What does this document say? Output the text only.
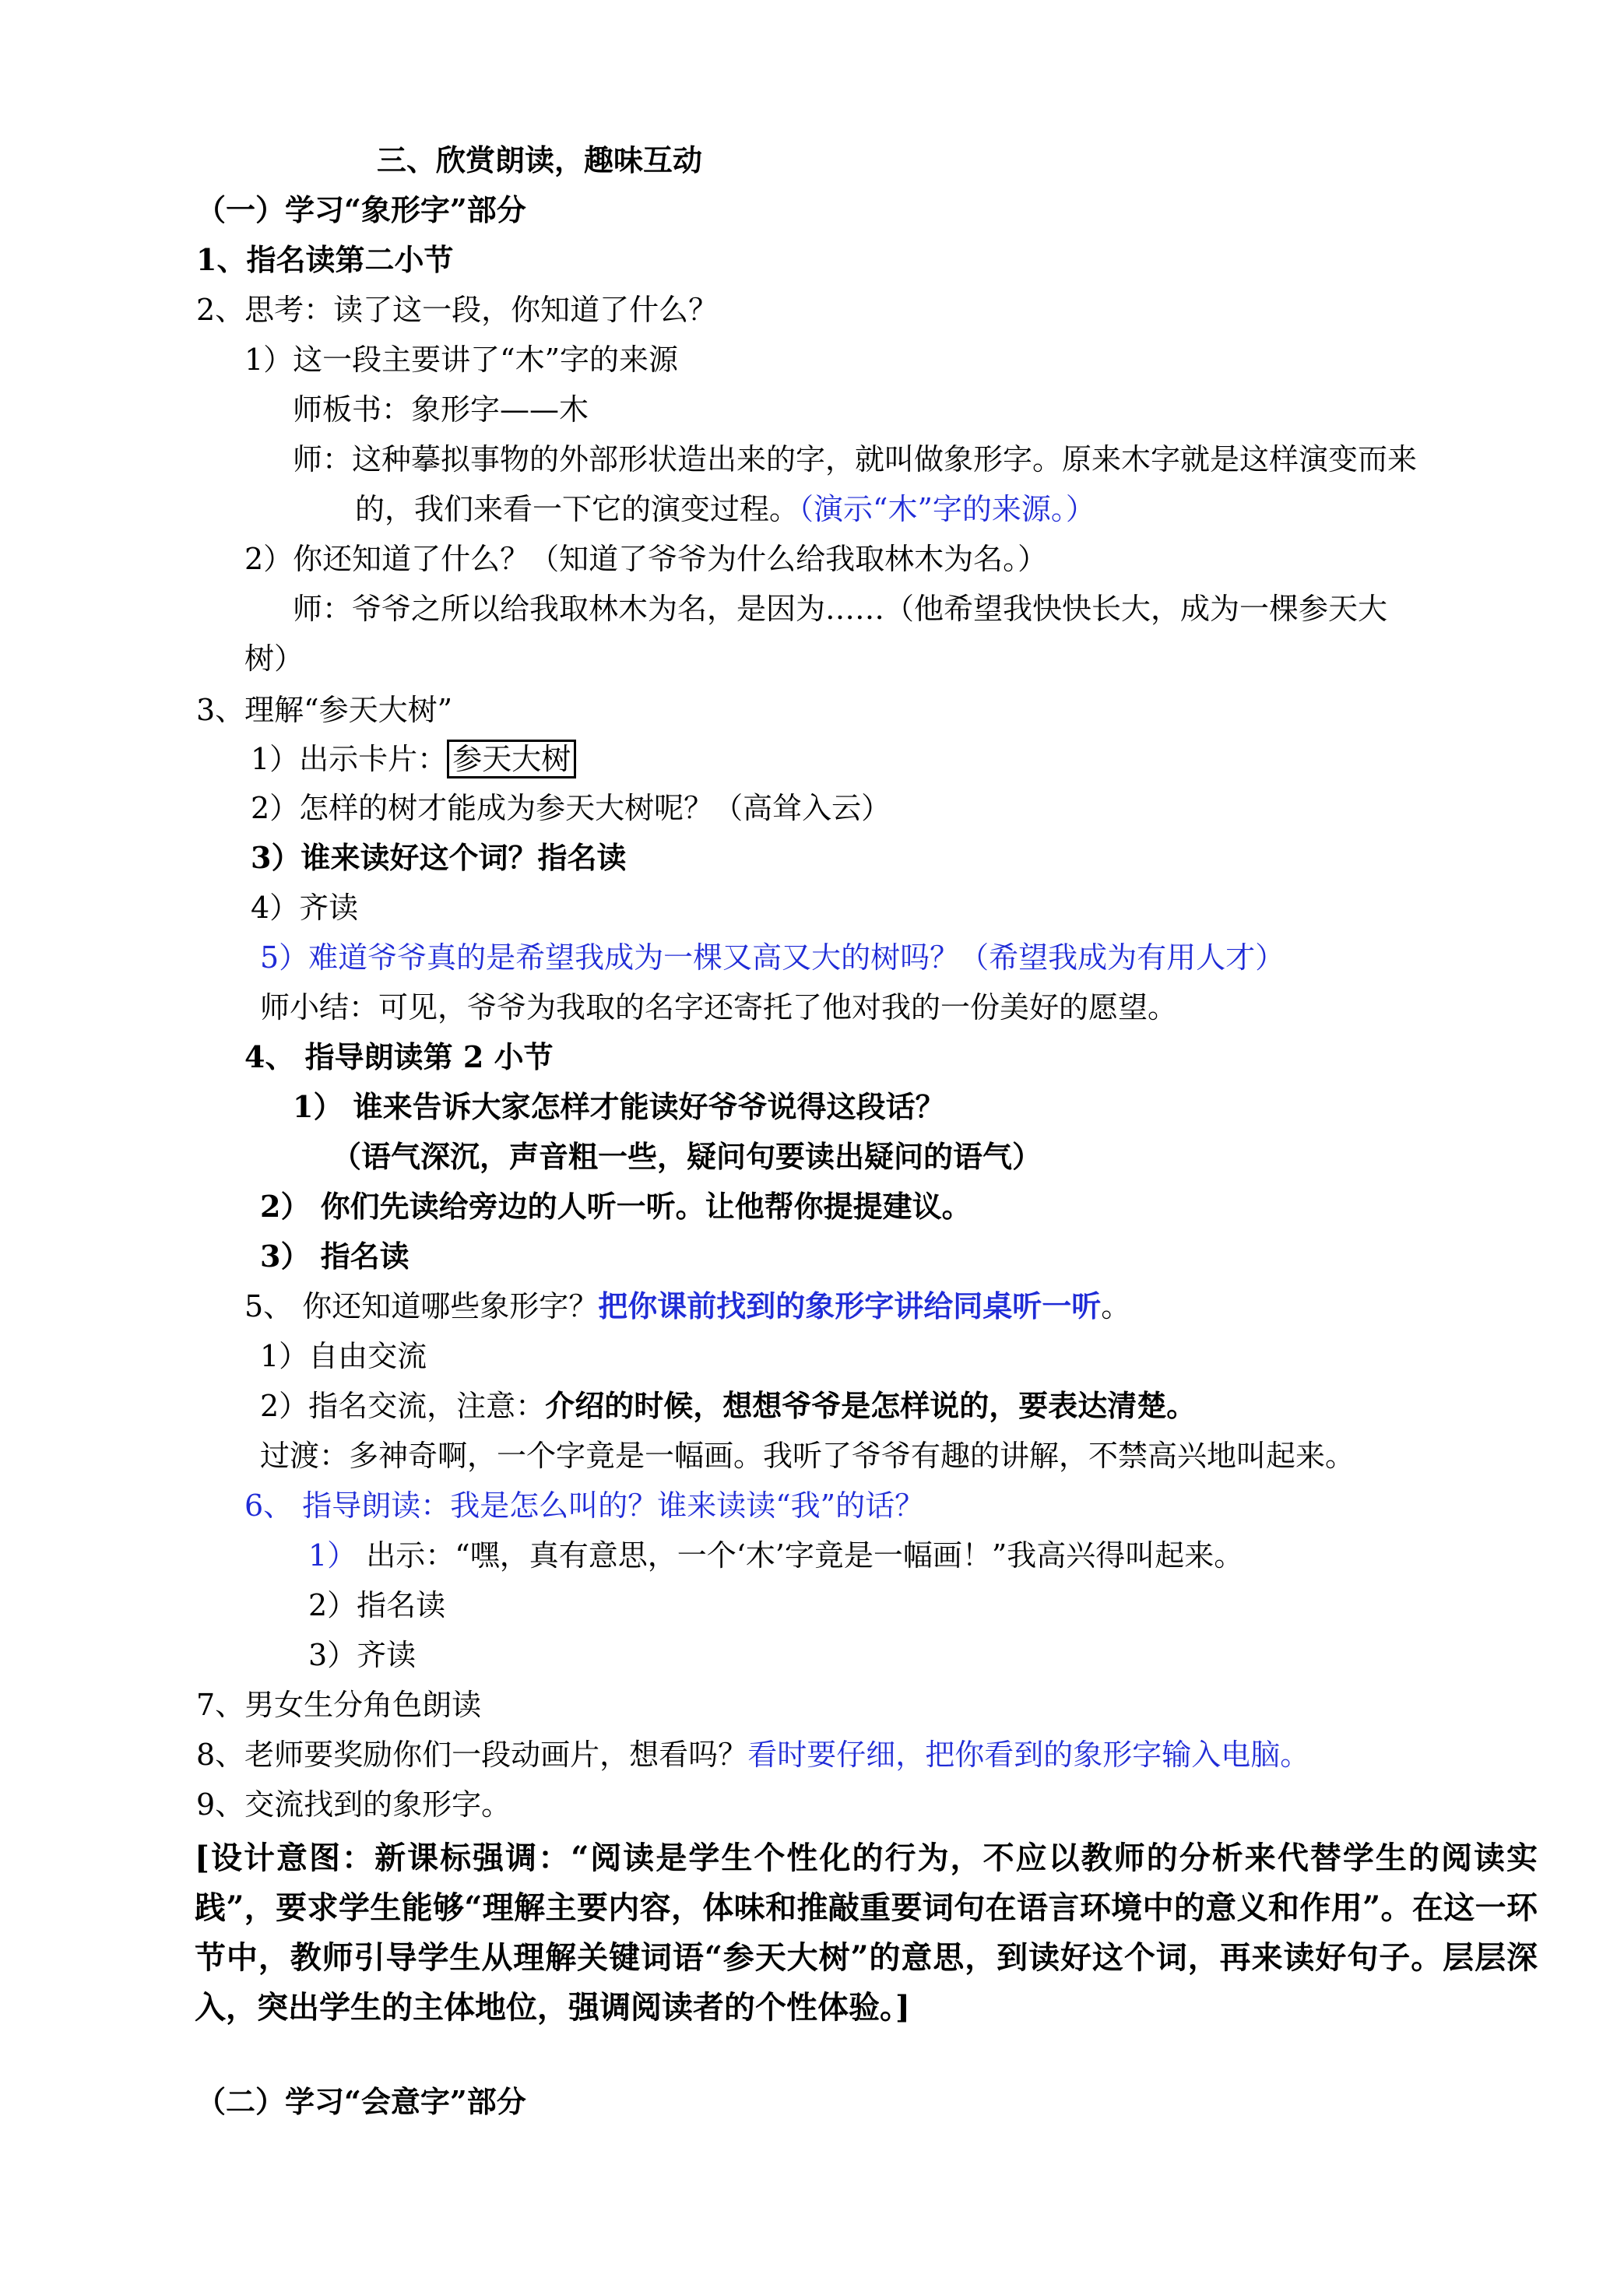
三、欣赏朗读，趣味互动
（一）学习“象形字”部分
1、指名读第二小节
2、思考：读了这一段，你知道了什么？
1）这一段主要讲了“木”字的来源
师板书：象形字——木
师：这种摹拟事物的外部形状造出来的字，就叫做象形字。原来木字就是这样演变而来
的，我们来看一下它的演变过程。（演示“木”字的来源。）
2）你还知道了什么？（知道了爷爷为什么给我取林木为名。）
师：爷爷之所以给我取林木为名，是因为……（他希望我快快长大，成为一棵参天大
树）
3、理解“参天大树”
1）出示卡片： 参天大树
2）怎样的树才能成为参天大树呢？（高耸入云）
3）谁来读好这个词？指名读
4）齐读
5）难道爷爷真的是希望我成为一棵又高又大的树吗？（希望我成为有用人才）
师小结：可见，爷爷为我取的名字还寄托了他对我的一份美好的愿望。
4、 指导朗读第 2 小节
1） 谁来告诉大家怎样才能读好爷爷说得这段话？
（语气深沉，声音粗一些，疑问句要读出疑问的语气）
2） 你们先读给旁边的人听一听。让他帮你提提建议。
3） 指名读
5、 你还知道哪些象形字？把你课前找到的象形字讲给同桌听一听。
1）自由交流
2）指名交流，注意：介绍的时候，想想爷爷是怎样说的，要表达清楚。
过渡：多神奇啊，一个字竟是一幅画。我听了爷爷有趣的讲解，不禁高兴地叫起来。
6、 指导朗读：我是怎么叫的？谁来读读“我”的话？
1） 出示：“嘿，真有意思，一个‘木’字竟是一幅画！”我高兴得叫起来。
2）指名读
3）齐读
7、男女生分角色朗读
8、老师要奖励你们一段动画片，想看吗？看时要仔细，把你看到的象形字输入电脑。
9、交流找到的象形字。
[设计意图：新课标强调：“阅读是学生个性化的行为，不应以教师的分析来代替学生的阅读实践”，要求学生能够“理解主要内容，体味和推敲重要词句在语言环境中的意义和作用”。在这一环节中，教师引导学生从理解关键词语“参天大树”的意思，到读好这个词，再来读好句子。层层深入，突出学生的主体地位，强调阅读者的个性体验。]
（二）学习“会意字”部分
